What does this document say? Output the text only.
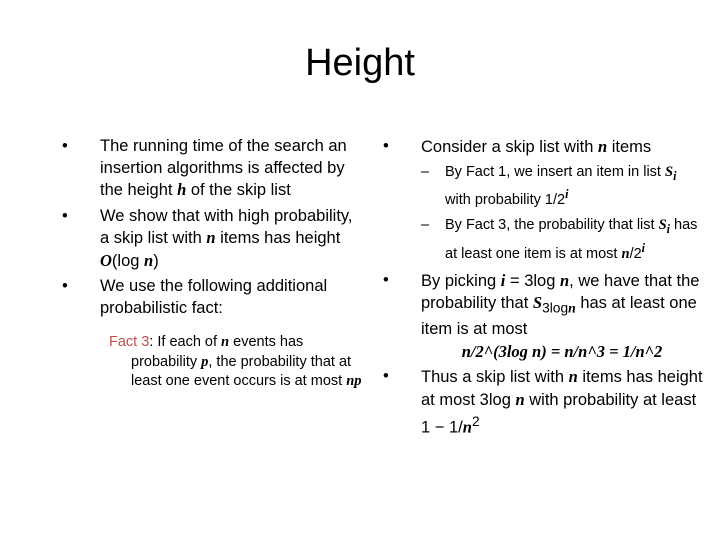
Height
• The running time of the search an insertion algorithms is affected by the height h of the skip list
• We show that with high probability, a skip list with n items has height O(log n)
• We use the following additional probabilistic fact:
Fact 3: If each of n events has probability p, the probability that at least one event occurs is at most np
• Consider a skip list with n items
– By Fact 1, we insert an item in list $S_i$ with probability 1/2$^i$
– By Fact 3, the probability that list $S_i$ has at least one item is at most n/2$^i$
• By picking i = 3log n, we have that the probability that $S_{3logn}$ has at least one item is at most
n/2^(3log n) = n/n^3 = 1/n^2
• Thus a skip list with n items has height at most 3log n with probability at least $1 - 1/n^2$
